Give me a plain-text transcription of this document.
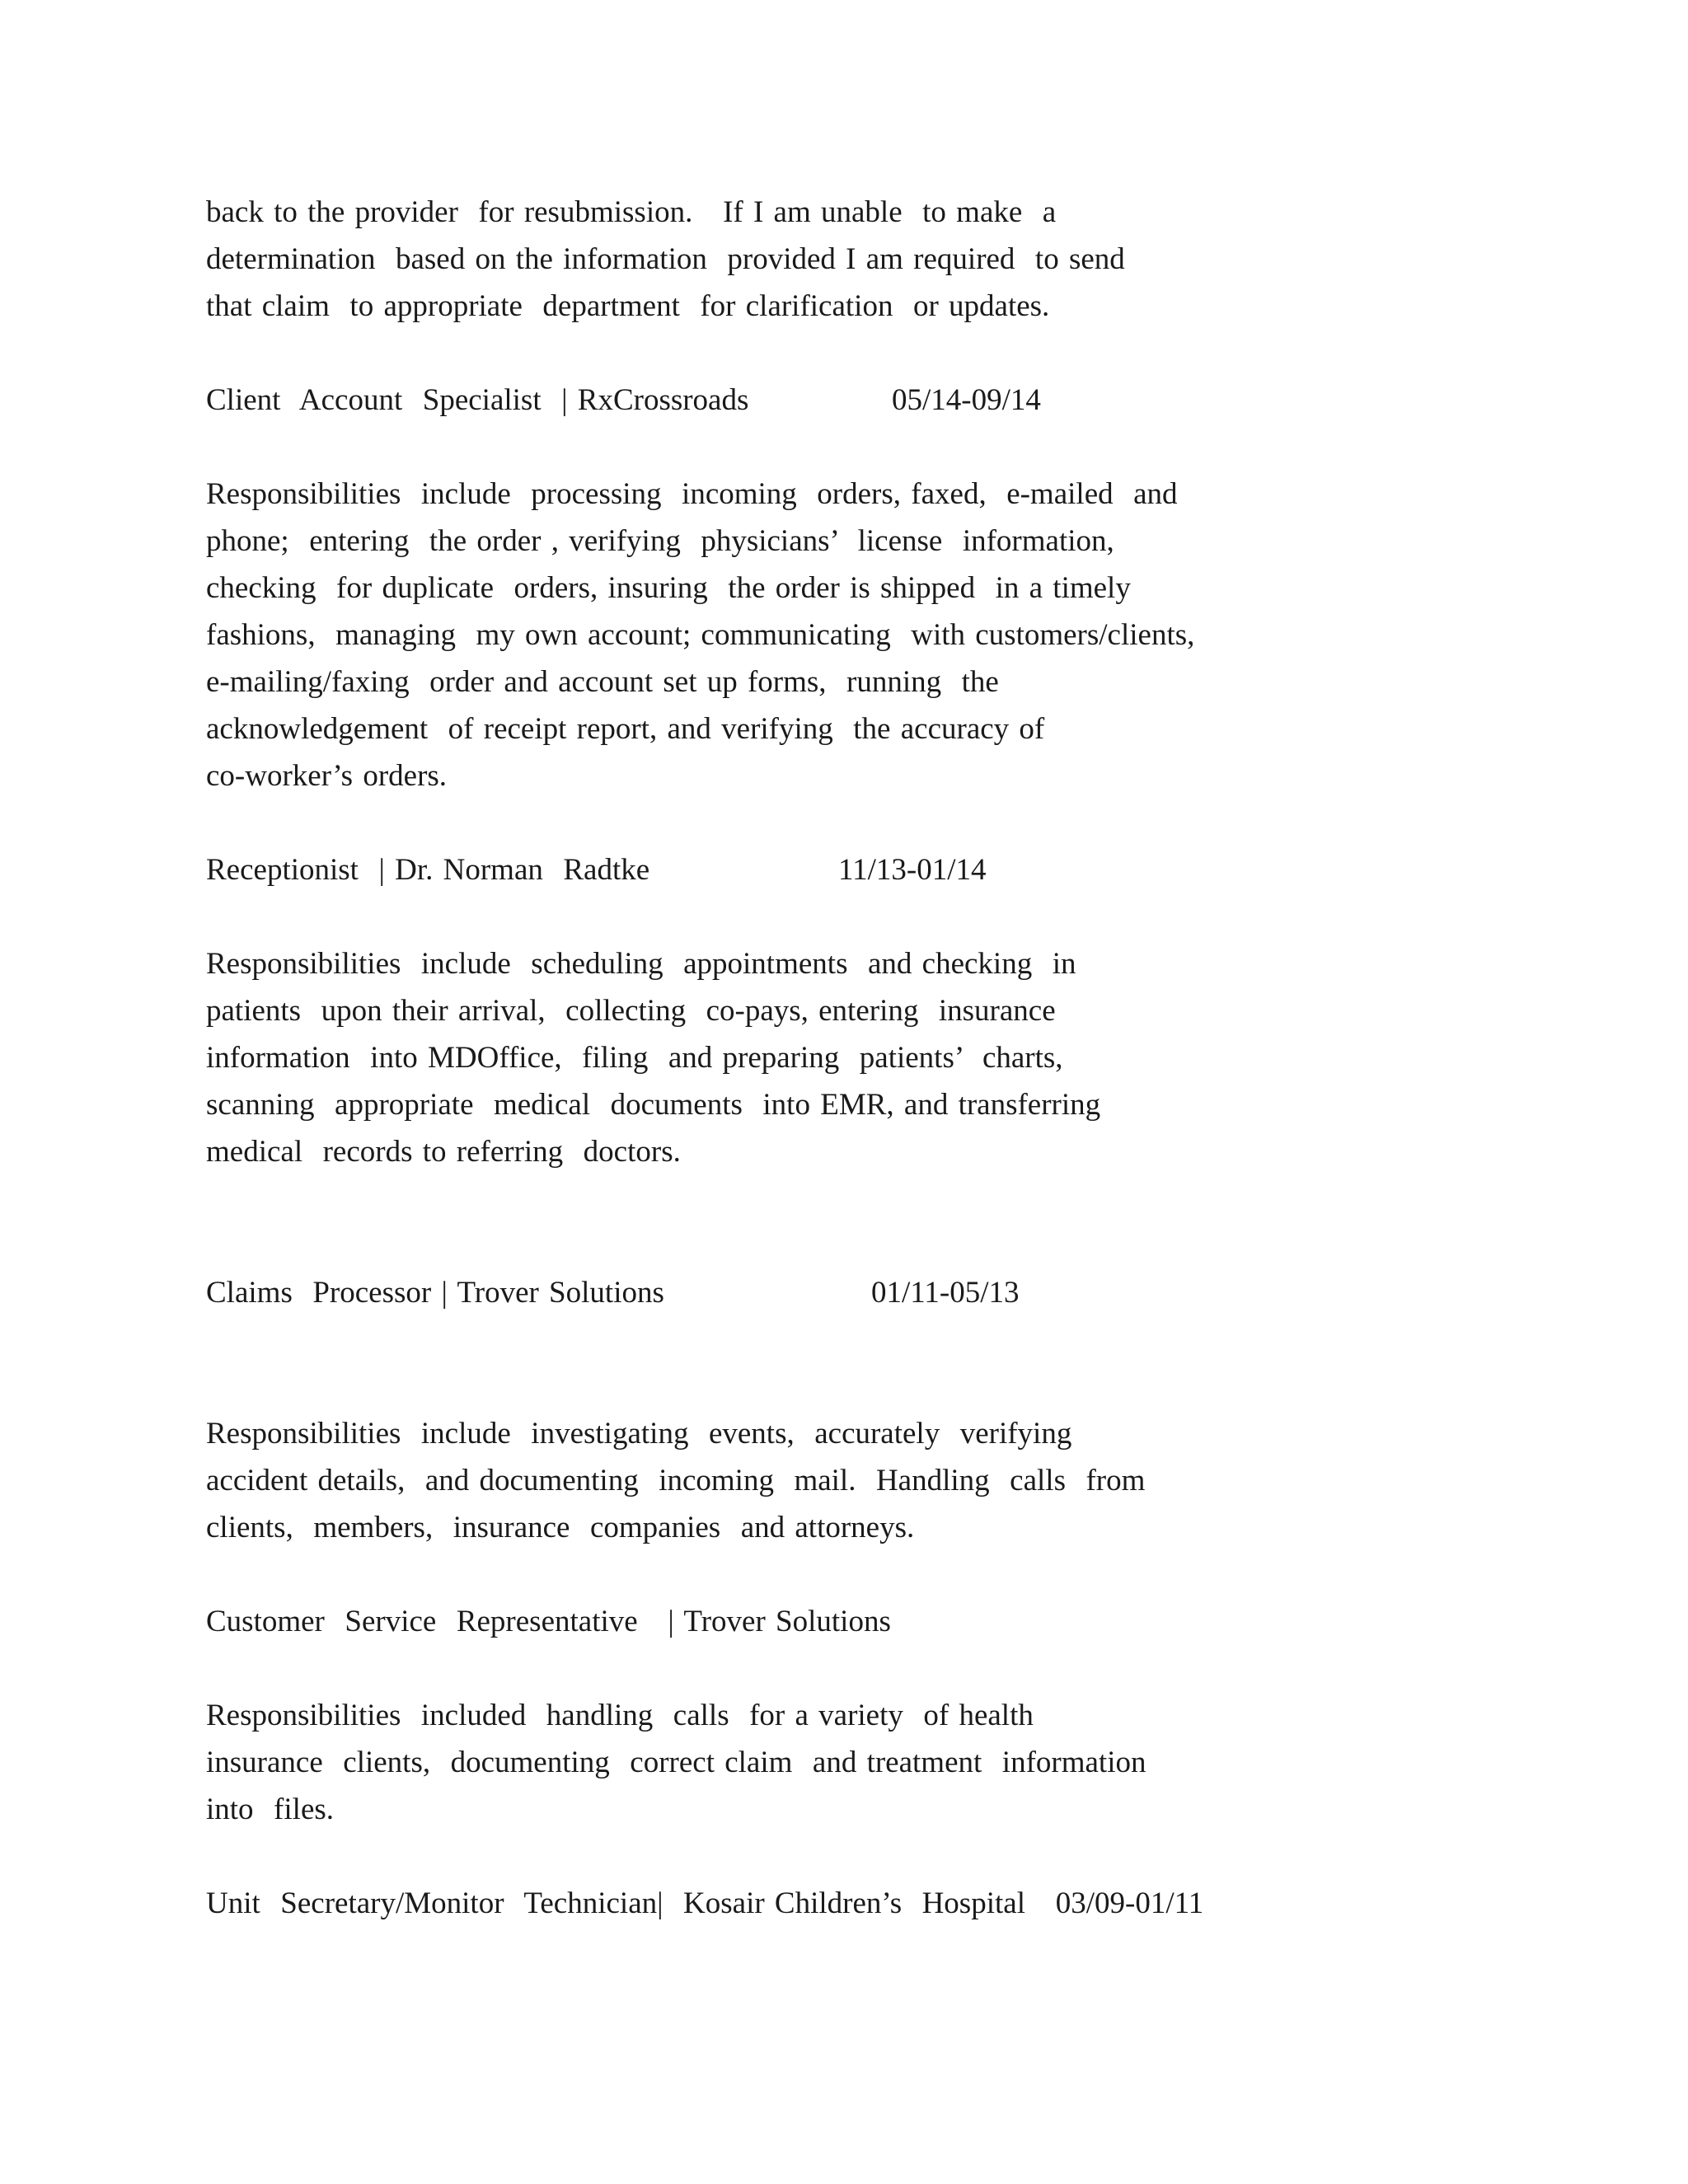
back to the provider  for resubmission.   If I am unable  to make  a

determination  based on the information  provided I am required  to send

that claim  to appropriate  department  for clarification  or updates.

Client  Account  Specialist  | RxCrossroads

	05/14-09/14

Responsibilities  include  processing  incoming  orders, faxed,  e-mailed  and

phone;  entering  the order , verifying  physicians’  license  information,

checking  for duplicate  orders, insuring  the order is shipped  in a timely

fashions,  managing  my own account; communicating  with customers/clients,

e-mailing/faxing  order and account set up forms,  running  the

acknowledgement  of receipt report, and verifying  the accuracy of

co-worker’s orders.

Receptionist  | Dr. Norman  Radtke

	11/13-01/14

Responsibilities  include  scheduling  appointments  and checking  in

patients  upon their arrival,  collecting  co-pays, entering  insurance

information  into MDOffice,  filing  and preparing  patients’  charts,

scanning  appropriate  medical  documents  into EMR, and transferring

medical  records to referring  doctors.

Claims  Processor | Trover Solutions

	01/11-05/13

Responsibilities  include  investigating  events,  accurately  verifying

accident details,  and documenting  incoming  mail.  Handling  calls  from

clients,  members,  insurance  companies  and attorneys.

Customer  Service  Representative   | Trover Solutions

Responsibilities  included  handling  calls  for a variety  of health

insurance  clients,  documenting  correct claim  and treatment  information

into  files.

Unit  Secretary/Monitor  Technician|  Kosair Children’s  Hospital   03/09-01/11
